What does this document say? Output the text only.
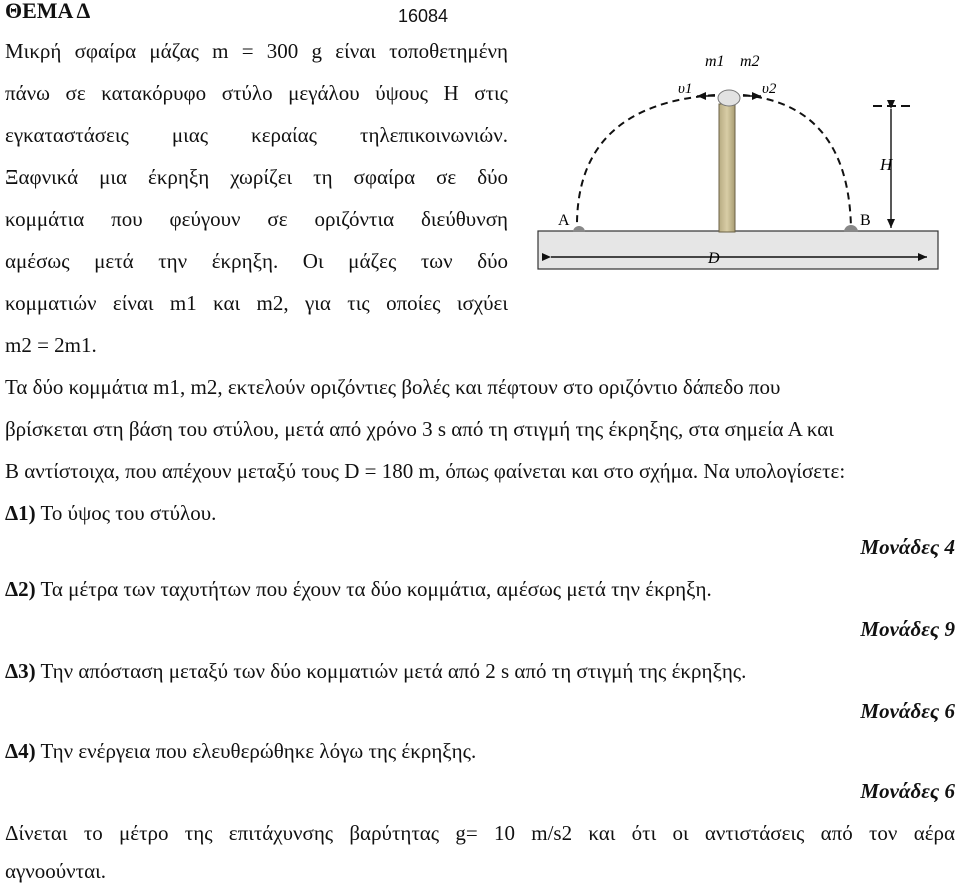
ΘΕΜΑ Δ	16084
Μικρή σφαίρα μάζας m = 300 g είναι τοποθετημένη
πάνω σε κατακόρυφο στύλο μεγάλου ύψους H στις
εγκαταστάσεις μιας κεραίας τηλεπικοινωνιών.
Ξαφνικά μια έκρηξη χωρίζει τη σφαίρα σε δύο
κομμάτια που φεύγουν σε οριζόντια διεύθυνση
αμέσως μετά την έκρηξη. Οι μάζες των δύο
κομματιών είναι m1 και m2, για τις οποίες ισχύει
m2 = 2m1.
m1 m2
υ1	υ2
Α	Β
H
D
Τα δύο κομμάτια m1, m2, εκτελούν οριζόντιες βολές και πέφτουν στο οριζόντιο δάπεδο που
βρίσκεται στη βάση του στύλου, μετά από χρόνο 3 s από τη στιγμή της έκρηξης, στα σημεία Α και
Β αντίστοιχα, που απέχουν μεταξύ τους D = 180 m, όπως φαίνεται και στο σχήμα. Να υπολογίσετε:
Δ1) Το ύψος του στύλου.
Μονάδες 4
Δ2) Τα μέτρα των ταχυτήτων που έχουν τα δύο κομμάτια, αμέσως μετά την έκρηξη.
Μονάδες 9
Δ3) Την απόσταση μεταξύ των δύο κομματιών μετά από 2 s από τη στιγμή της έκρηξης.
Μονάδες 6
Δ4) Την ενέργεια που ελευθερώθηκε λόγω της έκρηξης.
Μονάδες 6
Δίνεται το μέτρο της επιτάχυνσης βαρύτητας g= 10 m/s2 και ότι οι αντιστάσεις από τον αέρα
αγνοούνται.
